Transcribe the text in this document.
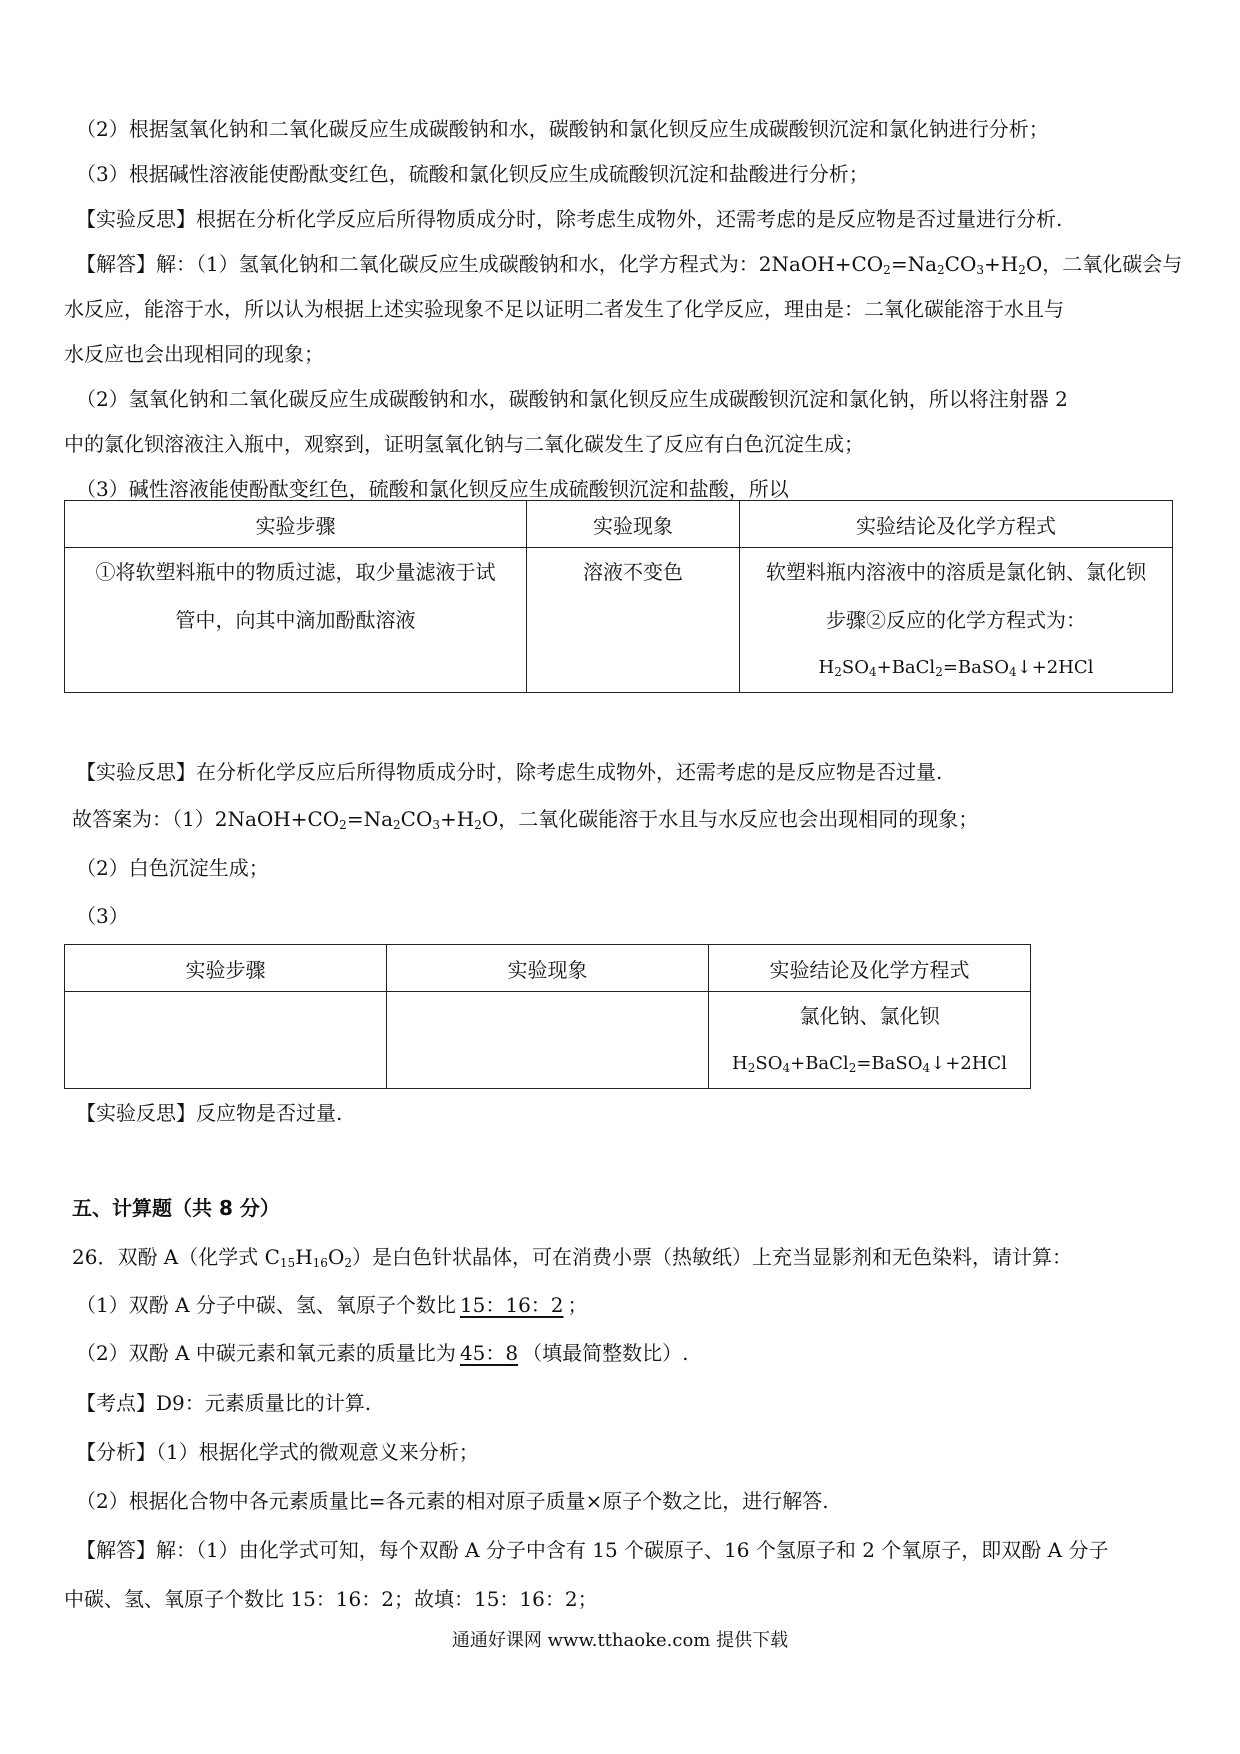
（2）根据氢氧化钠和二氧化碳反应生成碳酸钠和水，碳酸钠和氯化钡反应生成碳酸钡沉淀和氯化钠进行分析；
（3）根据碱性溶液能使酚酞变红色，硫酸和氯化钡反应生成硫酸钡沉淀和盐酸进行分析；
【实验反思】根据在分析化学反应后所得物质成分时，除考虑生成物外，还需考虑的是反应物是否过量进行分析.
【解答】解：（1）氢氧化钠和二氧化碳反应生成碳酸钠和水，化学方程式为：$2NaOH+CO_2=Na_2CO_3+H_2O$，二氧化碳会与
水反应，能溶于水，所以认为根据上述实验现象不足以证明二者发生了化学反应，理由是：二氧化碳能溶于水且与
水反应也会出现相同的现象；
（2）氢氧化钠和二氧化碳反应生成碳酸钠和水，碳酸钠和氯化钡反应生成碳酸钡沉淀和氯化钠，所以将注射器 2
中的氯化钡溶液注入瓶中，观察到，证明氢氧化钠与二氧化碳发生了反应有白色沉淀生成；
（3）碱性溶液能使酚酞变红色，硫酸和氯化钡反应生成硫酸钡沉淀和盐酸，所以
实验步骤	实验现象	实验结论及化学方程式

①将软塑料瓶中的物质过滤，取少量滤液于试
管中，向其中滴加酚酞溶液	溶液不变色	软塑料瓶内溶液中的溶质是氯化钠、氯化钡
步骤②反应的化学方程式为：
$H_2SO_4+BaCl_2=BaSO_4↓+2HCl$
【实验反思】在分析化学反应后所得物质成分时，除考虑生成物外，还需考虑的是反应物是否过量.
故答案为：$(1)2NaOH+CO_2=Na_2CO_3+H_2O$，二氧化碳能溶于水且与水反应也会出现相同的现象；
（2）白色沉淀生成；
（3）
实验步骤	实验现象	实验结论及化学方程式

		氯化钠、氯化钡
$H_2SO_4+BaCl_2=BaSO_4↓+2HCl$
【实验反思】反应物是否过量.
五、计算题（共 8 分）
26．双酚 A（化学式 $C_{15}H_{16}O_2$）是白色针状晶体，可在消费小票（热敏纸）上充当显影剂和无色染料，请计算：
（1）双酚 A 分子中碳、氢、氧原子个数比 15：16：2 ；
（2）双酚 A 中碳元素和氧元素的质量比为 45：8 （填最简整数比）.
【考点】D9：元素质量比的计算.
【分析】（1）根据化学式的微观意义来分析；
（2）根据化合物中各元素质量比=各元素的相对原子质量×原子个数之比，进行解答.
【解答】解：（1）由化学式可知，每个双酚 A 分子中含有 15 个碳原子、16 个氢原子和 2 个氧原子，即双酚 A 分子
中碳、氢、氧原子个数比 15：16：2；故填：15：16：2；
通通好课网 www.tthaoke.com 提供下载
